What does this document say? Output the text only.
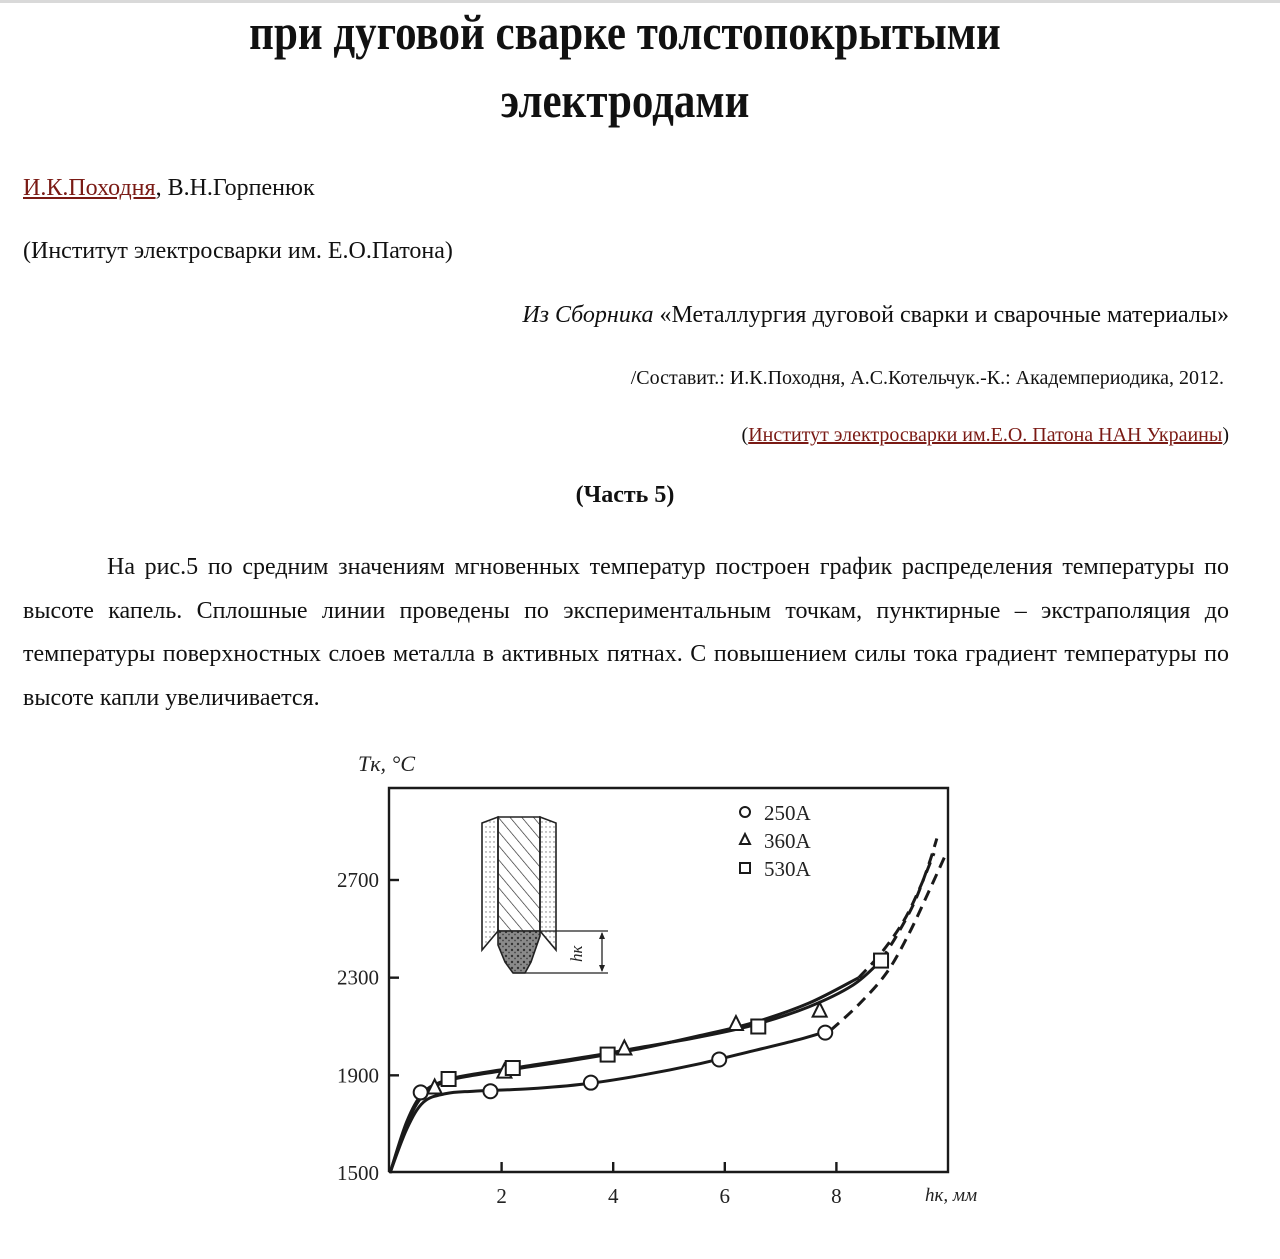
при дуговой сварке толстопокрытыми
электродами
И.К.Походня, В.Н.Горпенюк
(Институт электросварки им. Е.О.Патона)
Из Сборника «Металлургия дуговой сварки и сварочные материалы»
/Составит.: И.К.Походня, А.С.Котельчук.-К.: Академпериодика, 2012.
(Институт электросварки им.Е.О. Патона НАН Украины)
(Часть 5)
На рис.5 по средним значениям мгновенных температур построен график распределения температуры по высоте капель. Сплошные линии проведены по экспериментальным точкам, пунктирные – экстраполяция до температуры поверхностных слоев металла в активных пятнах. С повышением силы тока градиент температуры по высоте капли увеличивается.
Tк, °C
hк, мм
1500
1900
2300
2700
2	4	6	8
hк
250A
360A
530A
